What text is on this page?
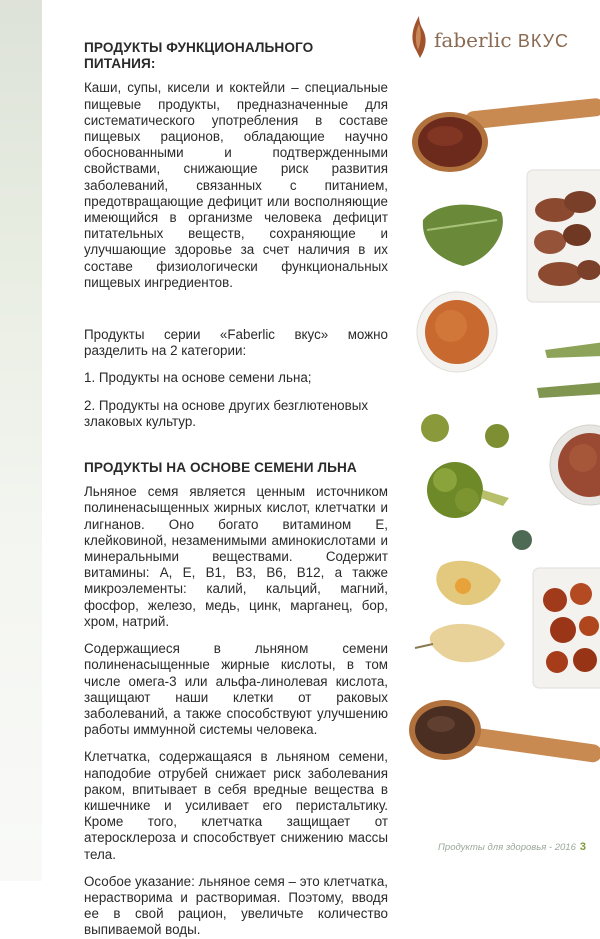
faberlic ВКУС
ПРОДУКТЫ ФУНКЦИОНАЛЬНОГО ПИТАНИЯ:

Каши, супы, кисели и коктейли – специальные пищевые продукты, предназначенные для систематического употребления в составе пищевых рационов, обладающие научно обоснованными и подтвержденными свойствами, снижающие риск развития заболеваний, связанных с питанием, предотвращающие дефицит или восполняющие имеющийся в организме человека дефицит питательных веществ, сохраняющие и улучшающие здоровье за счет наличия в их составе физиологически функциональных пищевых ингредиентов.

Продукты серии «Faberlic вкус» можно разделить на 2 категории:

1. Продукты на основе семени льна;

2. Продукты на основе других безглютеновых злаковых культур.

ПРОДУКТЫ НА ОСНОВЕ СЕМЕНИ ЛЬНА

Льняное семя является ценным источником полиненасыщенных жирных кислот, клетчатки и лигнанов. Оно богато витамином Е, клейковиной, незаменимыми аминокислотами и минеральными веществами. Содержит витамины: А, Е, В1, В3, В6, В12, а также микроэлементы: калий, кальций, магний, фосфор, железо, медь, цинк, марганец, бор, хром, натрий.

Содержащиеся в льняном семени полиненасыщенные жирные кислоты, в том числе омега-3 или альфа-линолевая кислота, защищают наши клетки от раковых заболеваний, а также способствуют улучшению работы иммунной системы человека.

Клетчатка, содержащаяся в льняном семени, наподобие отрубей снижает риск заболевания раком, впитывает в себя вредные вещества в кишечнике и усиливает его перистальтику. Кроме того, клетчатка защищает от атеросклероза и способствует снижению массы тела.

Особое указание: льняное семя – это клетчатка, нерастворима и растворимая. Поэтому, вводя ее в свой рацион, увеличьте количество выпиваемой воды.

Продукты для здоровья - 2016 3
